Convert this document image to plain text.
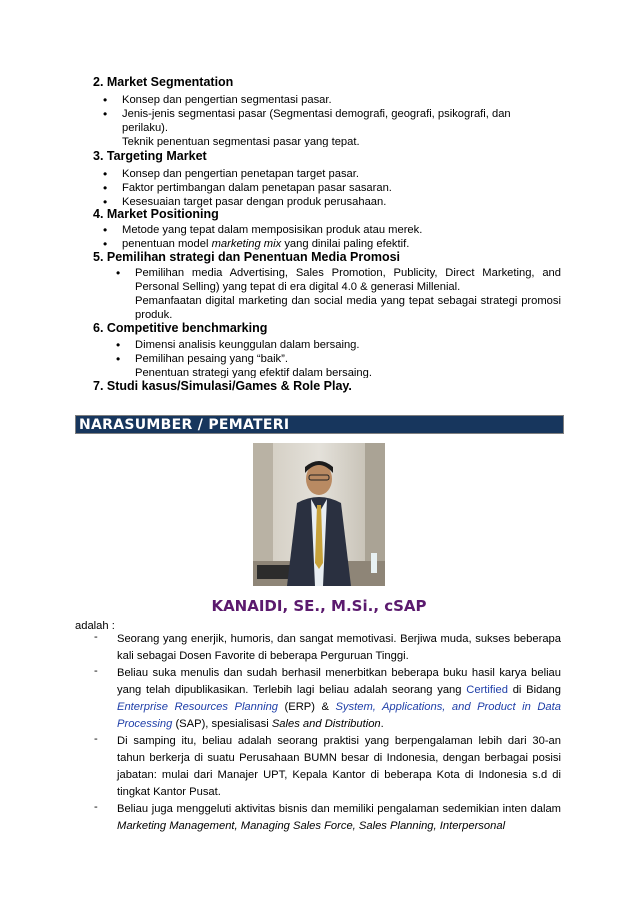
2. Market Segmentation
• Konsep dan pengertian segmentasi pasar.
• Jenis-jenis segmentasi pasar (Segmentasi demografi, geografi, psikografi, dan perilaku).
• Teknik penentuan segmentasi pasar yang tepat.
3. Targeting Market
• Konsep dan pengertian penetapan target pasar.
• Faktor pertimbangan dalam penetapan pasar sasaran.
• Kesesuaian target pasar dengan produk perusahaan.
4. Market Positioning
• Metode yang tepat dalam memposisikan produk atau merek.
• penentuan model marketing mix yang dinilai paling efektif.
5. Pemilihan strategi dan Penentuan Media Promosi
• Pemilihan media Advertising, Sales Promotion, Publicity, Direct Marketing, and Personal Selling) yang tepat di era digital 4.0 & generasi Millenial.
• Pemanfaatan digital marketing dan social media yang tepat sebagai strategi promosi produk.
6. Competitive benchmarking
• Dimensi analisis keunggulan dalam bersaing.
• Pemilihan pesaing yang “baik”.
• Penentuan strategi yang efektif dalam bersaing.
7. Studi kasus/Simulasi/Games & Role Play.
NARASUMBER / PEMATERI
KANAIDI, SE., M.Si., cSAP
adalah :
- Seorang yang enerjik, humoris, dan sangat memotivasi. Berjiwa muda, sukses beberapa kali sebagai Dosen Favorite di beberapa Perguruan Tinggi.
- Beliau suka menulis dan sudah berhasil menerbitkan beberapa buku hasil karya beliau yang telah dipublikasikan. Terlebih lagi beliau adalah seorang yang Certified di Bidang Enterprise Resources Planning (ERP) & System, Applications, and Product in Data Processing (SAP), spesialisasi Sales and Distribution.
- Di samping itu, beliau adalah seorang praktisi yang berpengalaman lebih dari 30-an tahun berkerja di suatu Perusahaan BUMN besar di Indonesia, dengan berbagai posisi jabatan: mulai dari Manajer UPT, Kepala Kantor di beberapa Kota di Indonesia s.d di tingkat Kantor Pusat.
- Beliau juga menggeluti aktivitas bisnis dan memiliki pengalaman sedemikian inten dalam Marketing Management, Managing Sales Force, Sales Planning, Interpersonal
